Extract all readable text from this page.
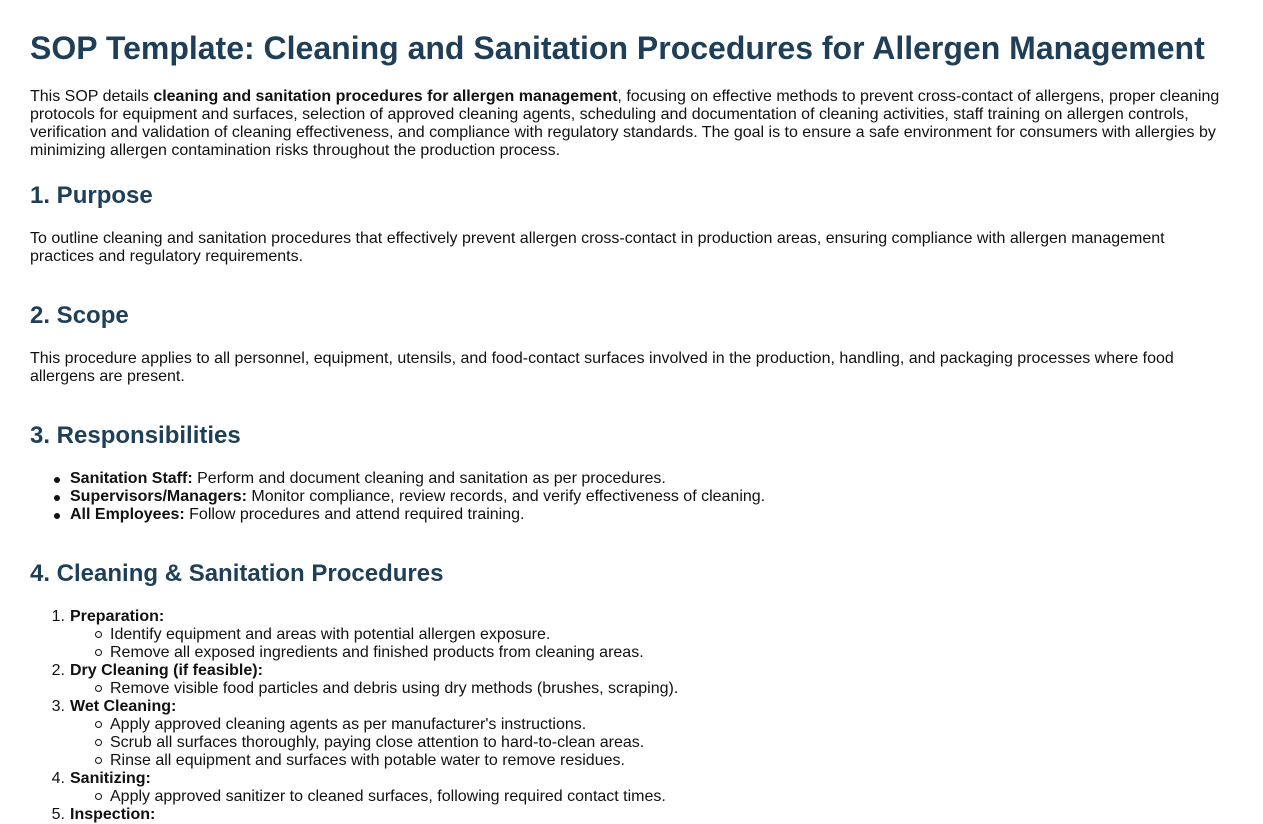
SOP Template: Cleaning and Sanitation Procedures for Allergen Management

This SOP details cleaning and sanitation procedures for allergen management, focusing on effective methods to prevent cross-contact of allergens, proper cleaning protocols for equipment and surfaces, selection of approved cleaning agents, scheduling and documentation of cleaning activities, staff training on allergen controls, verification and validation of cleaning effectiveness, and compliance with regulatory standards. The goal is to ensure a safe environment for consumers with allergies by minimizing allergen contamination risks throughout the production process.

1. Purpose

To outline cleaning and sanitation procedures that effectively prevent allergen cross-contact in production areas, ensuring compliance with allergen management practices and regulatory requirements.

2. Scope

This procedure applies to all personnel, equipment, utensils, and food-contact surfaces involved in the production, handling, and packaging processes where food allergens are present.

3. Responsibilities
Sanitation Staff: Perform and document cleaning and sanitation as per procedures.
Supervisors/Managers: Monitor compliance, review records, and verify effectiveness of cleaning.
All Employees: Follow procedures and attend required training.
4. Cleaning & Sanitation Procedures
1. Preparation:
Identify equipment and areas with potential allergen exposure.
Remove all exposed ingredients and finished products from cleaning areas.
2. Dry Cleaning (if feasible):
Remove visible food particles and debris using dry methods (brushes, scraping).
3. Wet Cleaning:
Apply approved cleaning agents as per manufacturer's instructions.
Scrub all surfaces thoroughly, paying close attention to hard-to-clean areas.
Rinse all equipment and surfaces with potable water to remove residues.
4. Sanitizing:
Apply approved sanitizer to cleaned surfaces, following required contact times.
5. Inspection:
